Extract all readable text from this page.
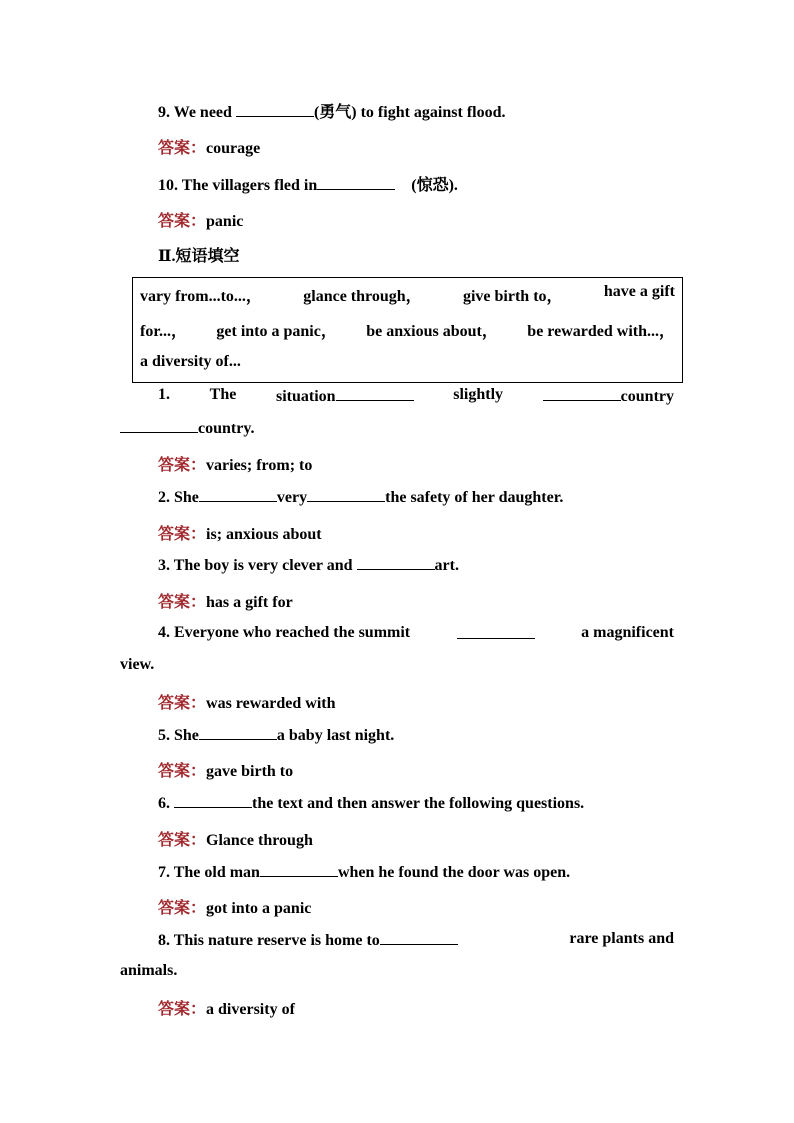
9. We need	(勇气) to fight against flood.
答案：courage
10. The villagers fled in	(惊恐).
答案：panic
Ⅱ.短语填空
vary from...to...，	glance through，	give birth to，	have a gift
for...， get into a panic， be anxious about， be rewarded with...，
a diversity of...
1. The situation	slightly	country
country.
答案：varies; from; to
2. She	very	the safety of her daughter.
答案：is; anxious about
3. The boy is very clever and	art.
答案：has a gift for
4. Everyone who reached the summit	a magnificent
view.
答案：was rewarded with
5. She	a baby last night.
答案：gave birth to
6.	the text and then answer the following questions.
答案：Glance through
7. The old man	when he found the door was open.
答案：got into a panic
8. This nature reserve is home to	rare plants and
animals.
答案：a diversity of
